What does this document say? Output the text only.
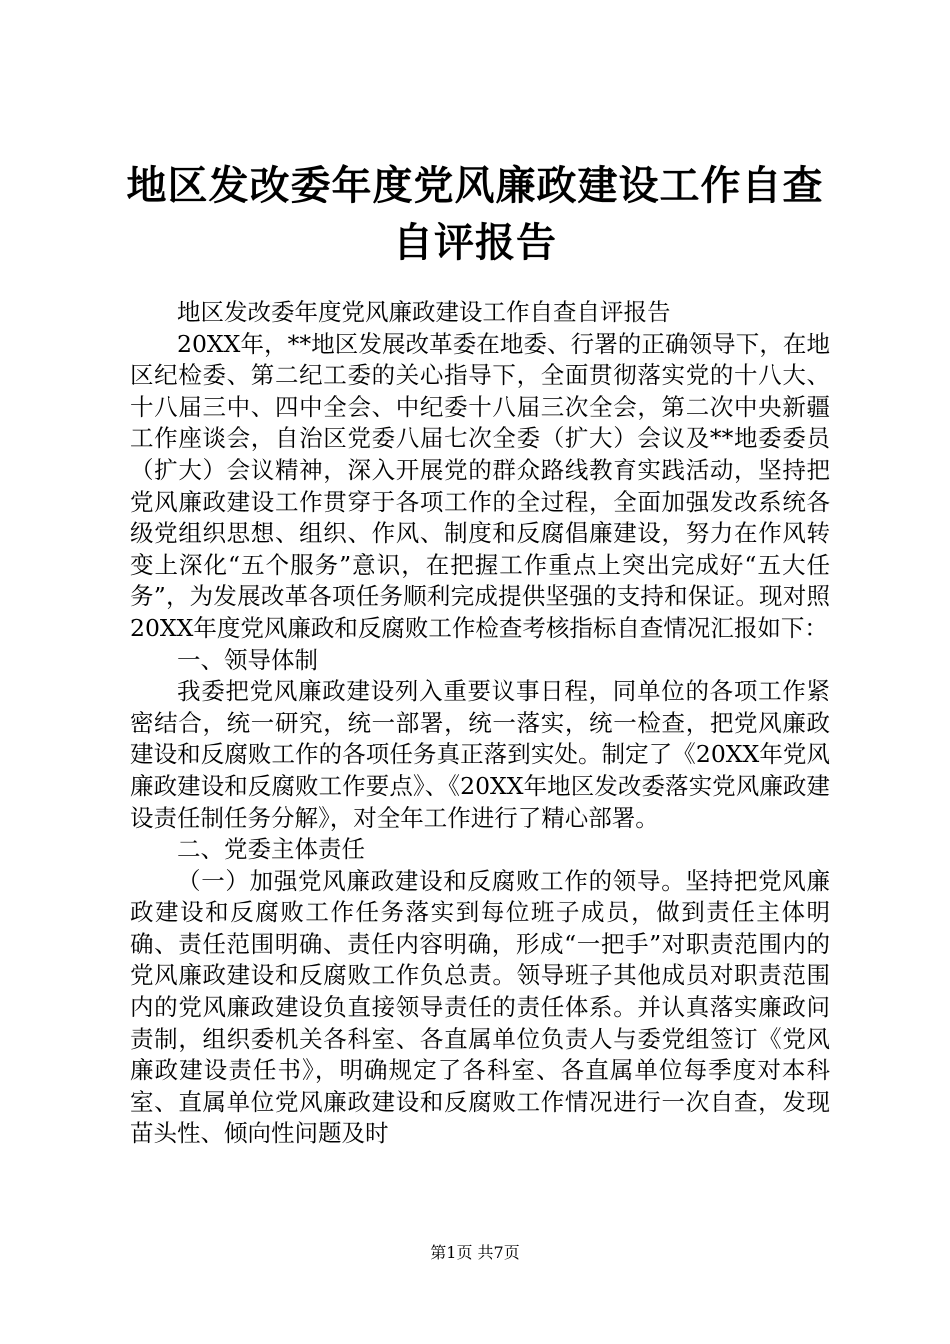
地区发改委年度党风廉政建设工作自查自评报告

地区发改委年度党风廉政建设工作自查自评报告

20XX年，**地区发展改革委在地委、行署的正确领导下，在地区纪检委、第二纪工委的关心指导下，全面贯彻落实党的十八大、十八届三中、四中全会、中纪委十八届三次全会，第二次中央新疆工作座谈会，自治区党委八届七次全委（扩大）会议及**地委委员（扩大）会议精神，深入开展党的群众路线教育实践活动，坚持把党风廉政建设工作贯穿于各项工作的全过程，全面加强发改系统各级党组织思想、组织、作风、制度和反腐倡廉建设，努力在作风转变上深化“五个服务”意识，在把握工作重点上突出完成好“五大任务”，为发展改革各项任务顺利完成提供坚强的支持和保证。现对照20XX年度党风廉政和反腐败工作检查考核指标自查情况汇报如下：

一、领导体制

我委把党风廉政建设列入重要议事日程，同单位的各项工作紧密结合，统一研究，统一部署，统一落实，统一检查，把党风廉政建设和反腐败工作的各项任务真正落到实处。制定了《20XX年党风廉政建设和反腐败工作要点》、《20XX年地区发改委落实党风廉政建设责任制任务分解》，对全年工作进行了精心部署。

二、党委主体责任

（一）加强党风廉政建设和反腐败工作的领导。坚持把党风廉政建设和反腐败工作任务落实到每位班子成员，做到责任主体明确、责任范围明确、责任内容明确，形成“一把手”对职责范围内的党风廉政建设和反腐败工作负总责。领导班子其他成员对职责范围内的党风廉政建设负直接领导责任的责任体系。并认真落实廉政问责制，组织委机关各科室、各直属单位负责人与委党组签订《党风廉政建设责任书》，明确规定了各科室、各直属单位每季度对本科室、直属单位党风廉政建设和反腐败工作情况进行一次自查，发现苗头性、倾向性问题及时

第1页 共7页
